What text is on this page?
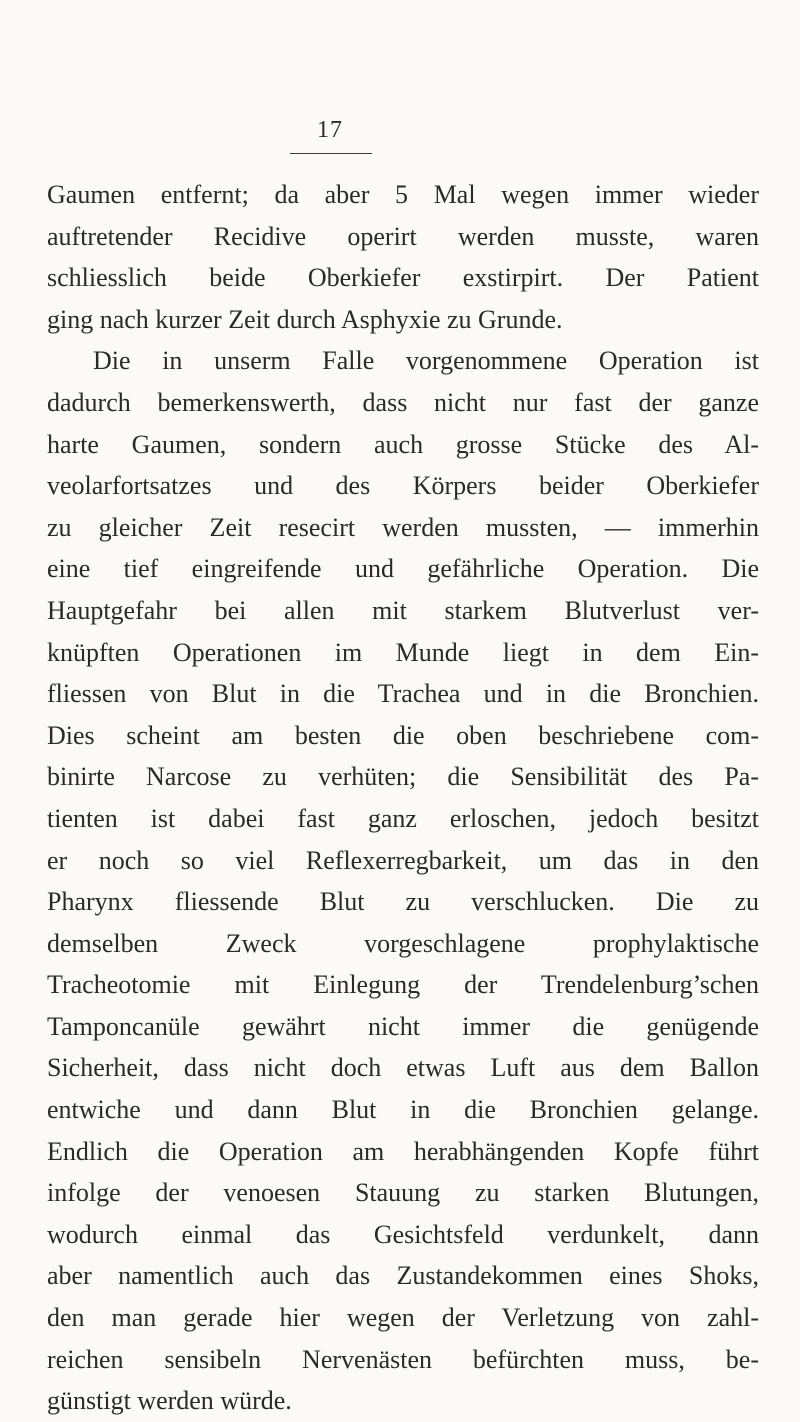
17
Gaumen entfernt; da aber 5 Mal wegen immer wieder
auftretender Recidive operirt werden musste, waren
schliesslich beide Oberkiefer exstirpirt. Der Patient
ging nach kurzer Zeit durch Asphyxie zu Grunde.
Die in unserm Falle vorgenommene Operation ist
dadurch bemerkenswerth, dass nicht nur fast der ganze
harte Gaumen, sondern auch grosse Stücke des Al-
veolarfortsatzes und des Körpers beider Oberkiefer
zu gleicher Zeit resecirt werden mussten, — immerhin
eine tief eingreifende und gefährliche Operation. Die
Hauptgefahr bei allen mit starkem Blutverlust ver-
knüpften Operationen im Munde liegt in dem Ein-
fliessen von Blut in die Trachea und in die Bronchien.
Dies scheint am besten die oben beschriebene com-
binirte Narcose zu verhüten; die Sensibilität des Pa-
tienten ist dabei fast ganz erloschen, jedoch besitzt
er noch so viel Reflexerregbarkeit, um das in den
Pharynx fliessende Blut zu verschlucken. Die zu
demselben Zweck vorgeschlagene prophylaktische
Tracheotomie mit Einlegung der Trendelenburg’schen
Tamponcanüle gewährt nicht immer die genügende
Sicherheit, dass nicht doch etwas Luft aus dem Ballon
entwiche und dann Blut in die Bronchien gelange.
Endlich die Operation am herabhängenden Kopfe führt
infolge der venoesen Stauung zu starken Blutungen,
wodurch einmal das Gesichtsfeld verdunkelt, dann
aber namentlich auch das Zustandekommen eines Shoks,
den man gerade hier wegen der Verletzung von zahl-
reichen sensibeln Nervenästen befürchten muss, be-
günstigt werden würde.
